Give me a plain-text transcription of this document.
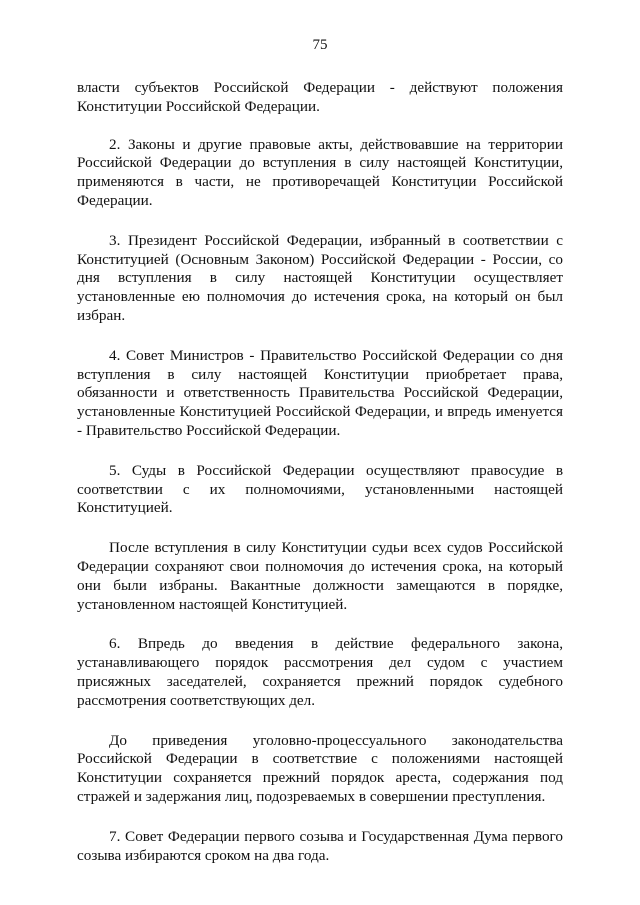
75

власти субъектов Российской Федерации - действуют положения Конституции Российской Федерации.

2. Законы и другие правовые акты, действовавшие на территории Российской Федерации до вступления в силу настоящей Конституции, применяются в части, не противоречащей Конституции Российской Федерации.

3. Президент Российской Федерации, избранный в соответствии с Конституцией (Основным Законом) Российской Федерации - России, со дня вступления в силу настоящей Конституции осуществляет установленные ею полномочия до истечения срока, на который он был избран.

4. Совет Министров - Правительство Российской Федерации со дня вступления в силу настоящей Конституции приобретает права, обязанности и ответственность Правительства Российской Федерации, установленные Конституцией Российской Федерации, и впредь именуется - Правительство Российской Федерации.

5. Суды в Российской Федерации осуществляют правосудие в соответствии с их полномочиями, установленными настоящей Конституцией.

После вступления в силу Конституции судьи всех судов Российской Федерации сохраняют свои полномочия до истечения срока, на который они были избраны. Вакантные должности замещаются в порядке, установленном настоящей Конституцией.

6. Впредь до введения в действие федерального закона, устанавливающего порядок рассмотрения дел судом с участием присяжных заседателей, сохраняется прежний порядок судебного рассмотрения соответствующих дел.

До приведения уголовно-процессуального законодательства Российской Федерации в соответствие с положениями настоящей Конституции сохраняется прежний порядок ареста, содержания под стражей и задержания лиц, подозреваемых в совершении преступления.

7. Совет Федерации первого созыва и Государственная Дума первого созыва избираются сроком на два года.
